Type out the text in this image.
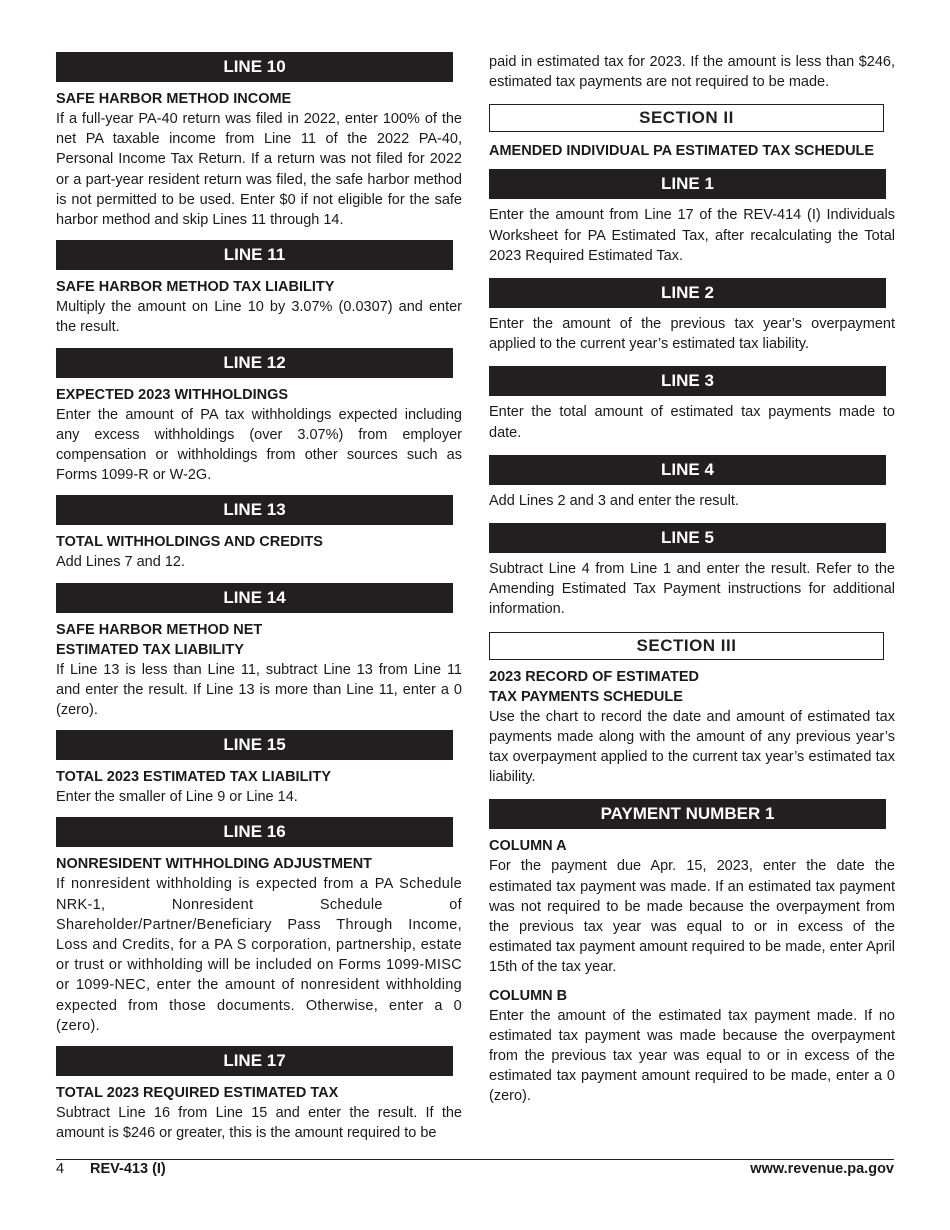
LINE 10
SAFE HARBOR METHOD INCOME

If a full-year PA-40 return was filed in 2022, enter 100% of the net PA taxable income from Line 11 of the 2022 PA-40, Personal Income Tax Return. If a return was not filed for 2022 or a part-year resident return was filed, the safe harbor method is not permitted to be used. Enter $0 if not eligible for the safe harbor method and skip Lines 11 through 14.

LINE 11
SAFE HARBOR METHOD TAX LIABILITY

Multiply the amount on Line 10 by 3.07% (0.0307) and enter the result.

LINE 12
EXPECTED 2023 WITHHOLDINGS

Enter the amount of PA tax withholdings expected including any excess withholdings (over 3.07%) from employer compensation or withholdings from other sources such as Forms 1099-R or W-2G.

LINE 13
TOTAL WITHHOLDINGS AND CREDITS

Add Lines 7 and 12.

LINE 14
SAFE HARBOR METHOD NET
ESTIMATED TAX LIABILITY

If Line 13 is less than Line 11, subtract Line 13 from Line 11 and enter the result. If Line 13 is more than Line 11, enter a 0 (zero).

LINE 15
TOTAL 2023 ESTIMATED TAX LIABILITY

Enter the smaller of Line 9 or Line 14.

LINE 16
NONRESIDENT WITHHOLDING ADJUSTMENT

If nonresident withholding is expected from a PA Schedule NRK-1, Nonresident Schedule of Shareholder/Partner/Beneficiary Pass Through Income, Loss and Credits, for a PA S corporation, partnership, estate or trust or withholding will be included on Forms 1099-MISC or 1099-NEC, enter the amount of nonresident withholding expected from those documents. Otherwise, enter a 0 (zero).

LINE 17
TOTAL 2023 REQUIRED ESTIMATED TAX

Subtract Line 16 from Line 15 and enter the result. If the amount is $246 or greater, this is the amount required to be

paid in estimated tax for 2023. If the amount is less than $246, estimated tax payments are not required to be made.

SECTION II
AMENDED INDIVIDUAL PA ESTIMATED TAX SCHEDULE
LINE 1

Enter the amount from Line 17 of the REV-414 (I) Individuals Worksheet for PA Estimated Tax, after recalculating the Total 2023 Required Estimated Tax.

LINE 2

Enter the amount of the previous tax year’s overpayment applied to the current year’s estimated tax liability.

LINE 3

Enter the total amount of estimated tax payments made to date.

LINE 4

Add Lines 2 and 3 and enter the result.

LINE 5

Subtract Line 4 from Line 1 and enter the result. Refer to the Amending Estimated Tax Payment instructions for additional information.

SECTION III
2023 RECORD OF ESTIMATED
TAX PAYMENTS SCHEDULE

Use the chart to record the date and amount of estimated tax payments made along with the amount of any previous year’s tax overpayment applied to the current tax year’s estimated tax liability.

PAYMENT NUMBER 1
COLUMN A

For the payment due Apr. 15, 2023, enter the date the estimated tax payment was made. If an estimated tax payment was not required to be made because the overpayment from the previous tax year was equal to or in excess of the estimated tax payment amount required to be made, enter April 15th of the tax year.

COLUMN B

Enter the amount of the estimated tax payment made. If no estimated tax payment was made because the overpayment from the previous tax year was equal to or in excess of the estimated tax payment amount required to be made, enter a 0 (zero).

4 REV-413 (I)	www.revenue.pa.gov
